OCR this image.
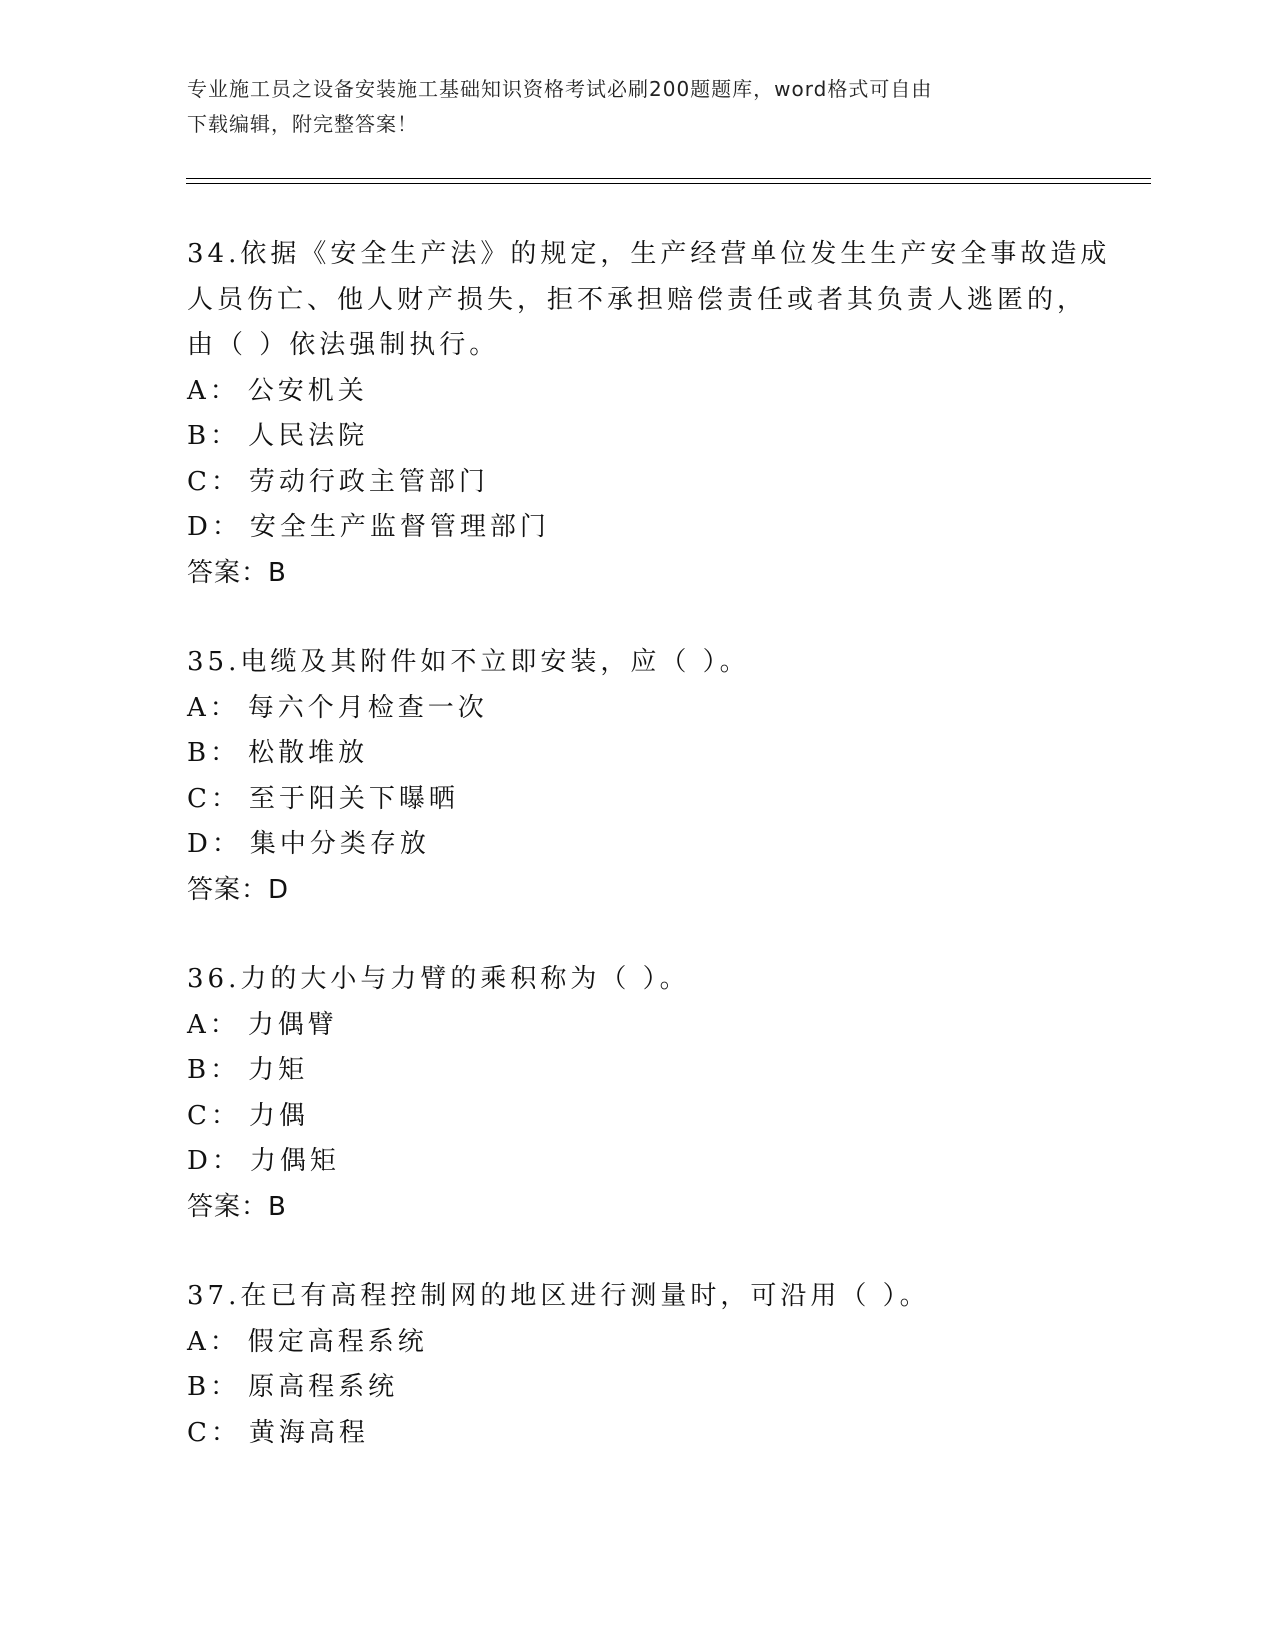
专业施工员之设备安装施工基础知识资格考试必刷200题题库，word格式可自由
下载编辑，附完整答案！

34.依据《安全生产法》的规定，生产经营单位发生生产安全事故造成

人员伤亡、他人财产损失，拒不承担赔偿责任或者其负责人逃匿的，

由（ ）依法强制执行。

A： 公安机关

B： 人民法院

C： 劳动行政主管部门

D： 安全生产监督管理部门

答案：B

35.电缆及其附件如不立即安装，应（ ）。

A： 每六个月检查一次

B： 松散堆放

C： 至于阳关下曝晒

D： 集中分类存放

答案：D

36.力的大小与力臂的乘积称为（ ）。

A： 力偶臂

B： 力矩

C： 力偶

D： 力偶矩

答案：B

37.在已有高程控制网的地区进行测量时，可沿用（ ）。

A： 假定高程系统

B： 原高程系统

C： 黄海高程
